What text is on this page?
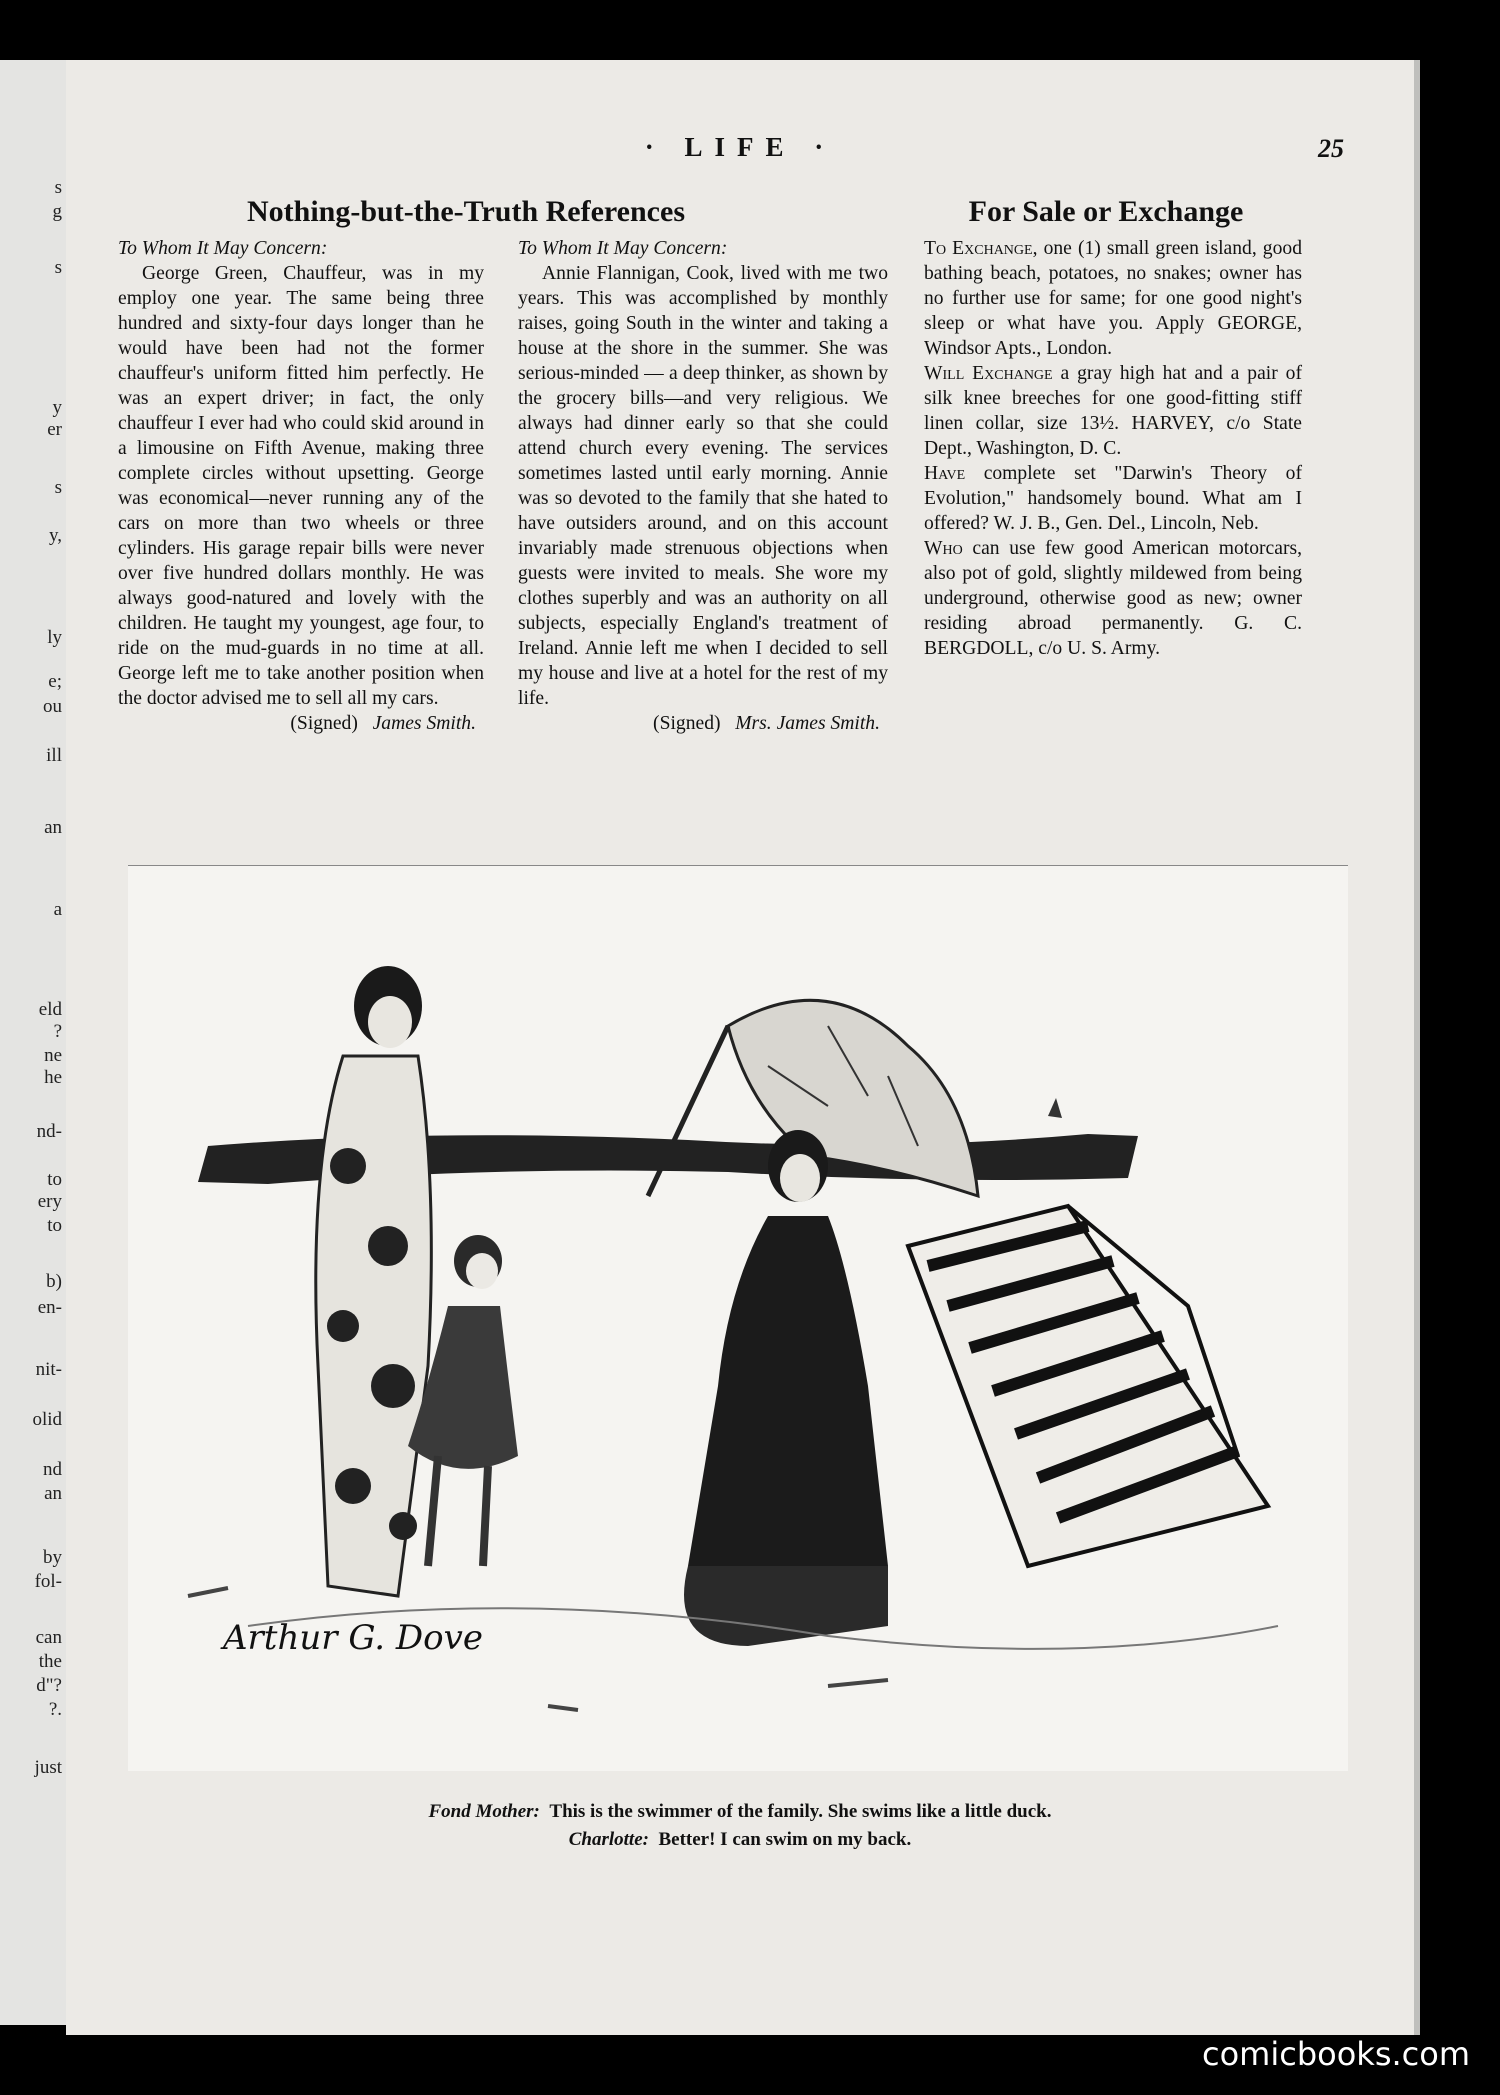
s
g
s
y
er
s
y,
ly
e;
ou
ill
an
a
eld
?
ne
he
nd-
to
ery
to
b)
en-
nit-
olid
nd
an
by
fol-
can
the
d"?
?.
just
· LIFE ·	25
Nothing-but-the-Truth References	For Sale or Exchange

To Whom It May Concern:

George Green, Chauffeur, was in my employ one year. The same being three hundred and sixty-four days longer than he would have been had not the former chauffeur's uniform fitted him perfectly. He was an expert driver; in fact, the only chauffeur I ever had who could skid around in a limousine on Fifth Avenue, making three complete circles without upsetting. George was economical—never running any of the cars on more than two wheels or three cylinders. His garage repair bills were never over five hundred dollars monthly. He was always good-natured and lovely with the children. He taught my youngest, age four, to ride on the mud-guards in no time at all. George left me to take another position when the doctor advised me to sell all my cars.

(Signed) James Smith.

To Whom It May Concern:

Annie Flannigan, Cook, lived with me two years. This was accomplished by monthly raises, going South in the winter and taking a house at the shore in the summer. She was serious-minded — a deep thinker, as shown by the grocery bills—and very religious. We always had dinner early so that she could attend church every evening. The services sometimes lasted until early morning. Annie was so devoted to the family that she hated to have outsiders around, and on this account invariably made strenuous objections when guests were invited to meals. She wore my clothes superbly and was an authority on all subjects, especially England's treatment of Ireland. Annie left me when I decided to sell my house and live at a hotel for the rest of my life.

(Signed) Mrs. James Smith.

To Exchange, one (1) small green island, good bathing beach, potatoes, no snakes; owner has no further use for same; for one good night's sleep or what have you. Apply GEORGE, Windsor Apts., London.

Will Exchange a gray high hat and a pair of silk knee breeches for one good-fitting stiff linen collar, size 13½. HARVEY, c/o State Dept., Washington, D. C.

Have complete set "Darwin's Theory of Evolution," handsomely bound. What am I offered? W. J. B., Gen. Del., Lincoln, Neb.

Who can use few good American motorcars, also pot of gold, slightly mildewed from being underground, otherwise good as new; owner residing abroad permanently. G. C. BERGDOLL, c/o U. S. Army.

Arthur G. Dove
Fond Mother: This is the swimmer of the family. She swims like a little duck.
Charlotte: Better! I can swim on my back.
comicbooks.com
